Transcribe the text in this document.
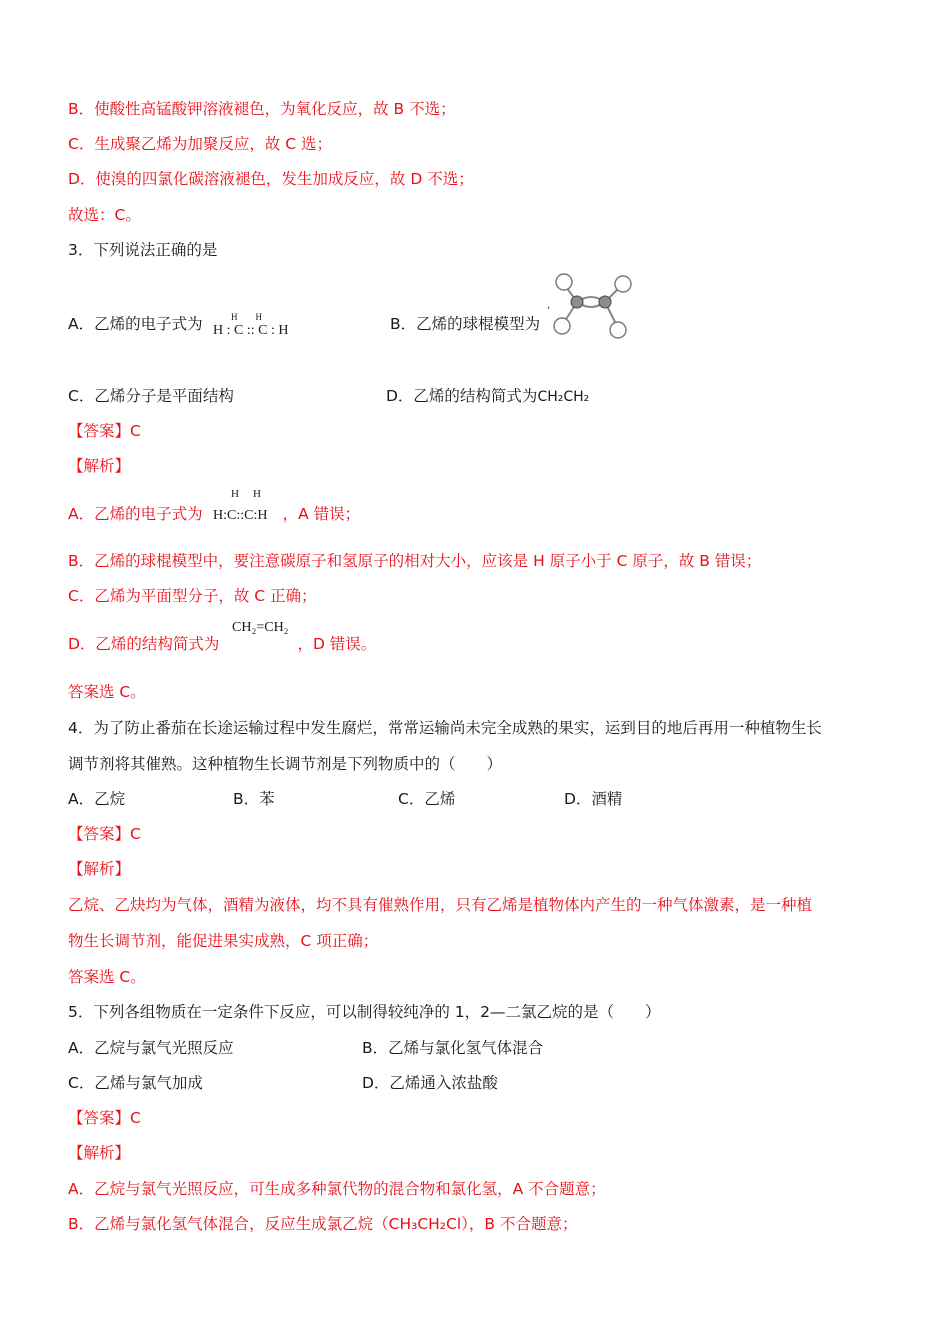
B．使酸性高锰酸钾溶液褪色，为氧化反应，故 B 不选；
C．生成聚乙烯为加聚反应，故 C 选；
D．使溴的四氯化碳溶液褪色，发生加成反应，故 D 不选；
故选：C。
3．下列说法正确的是
A．乙烯的电子式为	HH
H : C :: C : H	B．乙烯的球棍模型为
,
C．乙烯分子是平面结构	D．乙烯的结构简式为CH₂CH₂
【答案】C
【解析】
A．乙烯的电子式为	，A 错误；
HH
H:C::C:H
B．乙烯的球棍模型中，要注意碳原子和氢原子的相对大小，应该是 H 原子小于 C 原子，故 B 错误；
C．乙烯为平面型分子，故 C 正确；
D．乙烯的结构简式为	，D 错误。
CH₂=CH₂
答案选 C。
4．为了防止番茄在长途运输过程中发生腐烂，常常运输尚未完全成熟的果实，运到目的地后再用一种植物生长
调节剂将其催熟。这种植物生长调节剂是下列物质中的（　　）
A．乙烷	B．苯	C．乙烯	D．酒精
【答案】C
【解析】
乙烷、乙炔均为气体，酒精为液体，均不具有催熟作用，只有乙烯是植物体内产生的一种气体激素，是一种植
物生长调节剂，能促进果实成熟，C 项正确；
答案选 C。
5．下列各组物质在一定条件下反应，可以制得较纯净的 1，2—二氯乙烷的是（　　）
A．乙烷与氯气光照反应	B．乙烯与氯化氢气体混合
C．乙烯与氯气加成	D．乙烯通入浓盐酸
【答案】C
【解析】
A．乙烷与氯气光照反应，可生成多种氯代物的混合物和氯化氢，A 不合题意；
B．乙烯与氯化氢气体混合，反应生成氯乙烷（CH₃CH₂Cl），B 不合题意；
